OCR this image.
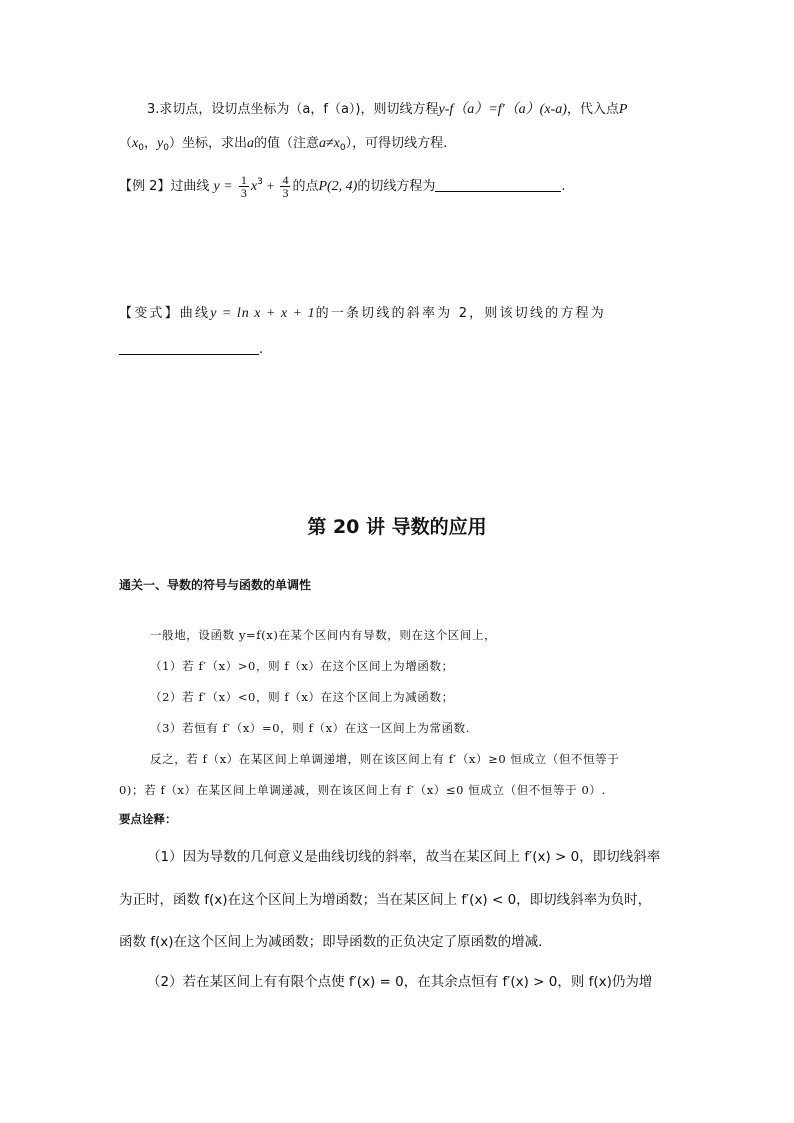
3.求切点，设切点坐标为（a，f（a）)，则切线方程y-f（a）=f′（a）(x-a)，代入点P
（$x_0$，$y_0$）坐标，求出a的值（注意$a\ne x_0$），可得切线方程.
【例 2】过曲线 $y = \frac{1}{3} x^3 + \frac{4}{3}$ 的点P(2, 4)的切线方程为	.
【变式】曲线y = ln x + x + 1的一条切线的斜率为 2，则该切线的方程为
.
第 20 讲 导数的应用
通关一、导数的符号与函数的单调性
一般地，设函数 y=f(x)在某个区间内有导数，则在这个区间上，
（1）若 f′（x）>0，则 f（x）在这个区间上为增函数；
（2）若 f′（x）<0，则 f（x）在这个区间上为减函数；
（3）若恒有 f′（x）=0，则 f（x）在这一区间上为常函数.
反之，若 f（x）在某区间上单调递增，则在该区间上有 f′（x）≥0 恒成立（但不恒等于
0)；若 f（x）在某区间上单调递减，则在该区间上有 f′（x）≤0 恒成立（但不恒等于 0）.
要点诠释：
（1）因为导数的几何意义是曲线切线的斜率，故当在某区间上 f′(x) > 0，即切线斜率
为正时，函数 f(x)在这个区间上为增函数；当在某区间上 f′(x) < 0，即切线斜率为负时，
函数 f(x)在这个区间上为减函数；即导函数的正负决定了原函数的增减.
（2）若在某区间上有有限个点使 f′(x) = 0，在其余点恒有 f′(x) > 0，则 f(x)仍为增
